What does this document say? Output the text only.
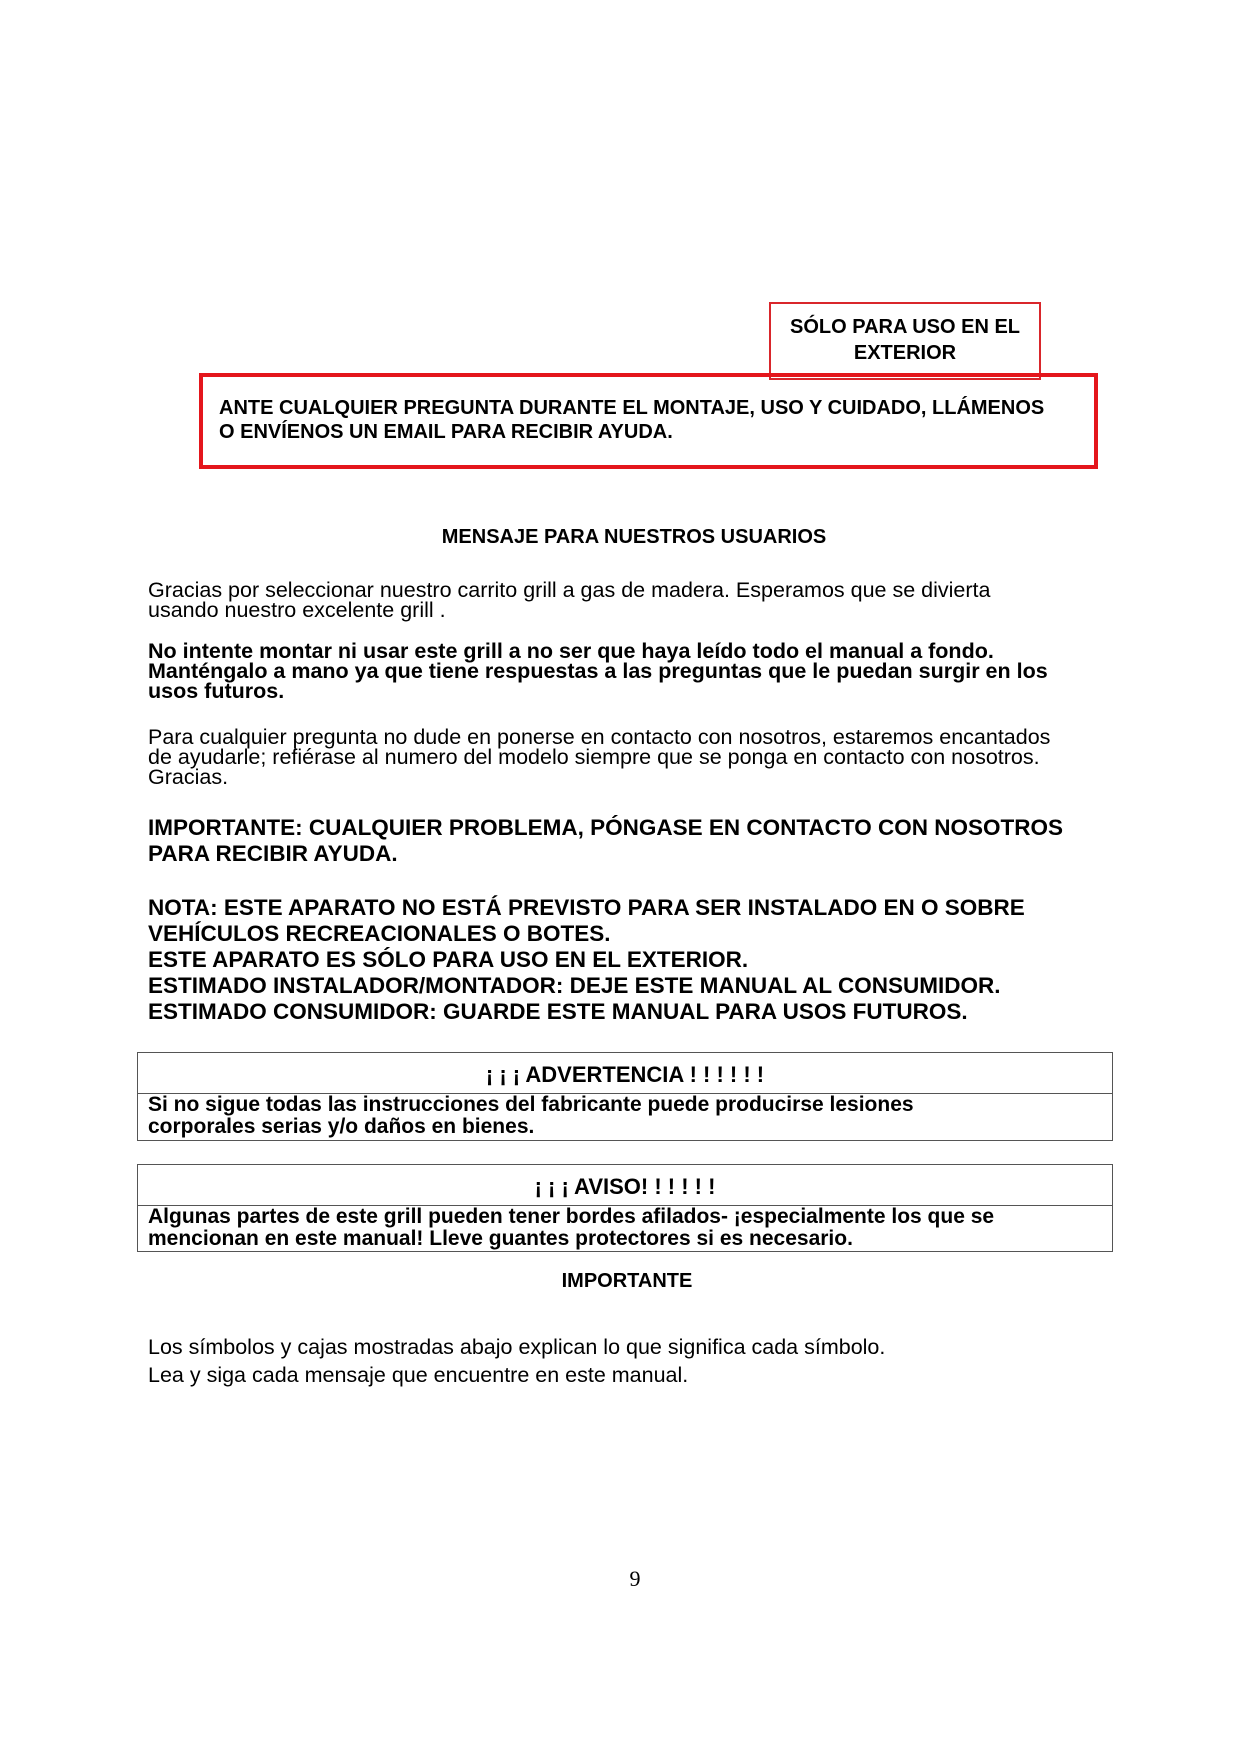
SÓLO PARA USO EN EL
EXTERIOR
ANTE CUALQUIER PREGUNTA DURANTE EL MONTAJE, USO Y CUIDADO, LLÁMENOS
O ENVÍENOS UN EMAIL PARA RECIBIR AYUDA.
MENSAJE PARA NUESTROS USUARIOS
Gracias por seleccionar nuestro carrito grill a gas de madera. Esperamos que se divierta
usando nuestro excelente grill .
No intente montar ni usar este grill a no ser que haya leído todo el manual a fondo.
Manténgalo a mano ya que tiene respuestas a las preguntas que le puedan surgir en los
usos futuros.
Para cualquier pregunta no dude en ponerse en contacto con nosotros, estaremos encantados
de ayudarle; refiérase al numero del modelo siempre que se ponga en contacto con nosotros.
Gracias.
IMPORTANTE: CUALQUIER PROBLEMA, PÓNGASE EN CONTACTO CON NOSOTROS
PARA RECIBIR AYUDA.
NOTA: ESTE APARATO NO ESTÁ PREVISTO PARA SER INSTALADO EN O SOBRE
VEHÍCULOS RECREACIONALES O BOTES.
ESTE APARATO ES SÓLO PARA USO EN EL EXTERIOR.
ESTIMADO INSTALADOR/MONTADOR: DEJE ESTE MANUAL AL CONSUMIDOR.
ESTIMADO CONSUMIDOR: GUARDE ESTE MANUAL PARA USOS FUTUROS.
¡ ¡ ¡ ADVERTENCIA ! ! ! ! ! !
Si no sigue todas las instrucciones del fabricante puede producirse lesiones
corporales serias y/o daños en bienes.
¡ ¡ ¡ AVISO! ! ! ! ! !
Algunas partes de este grill pueden tener bordes afilados- ¡especialmente los que se
mencionan en este manual! Lleve guantes protectores si es necesario.
IMPORTANTE
Los símbolos y cajas mostradas abajo explican lo que significa cada símbolo.
Lea y siga cada mensaje que encuentre en este manual.
9
